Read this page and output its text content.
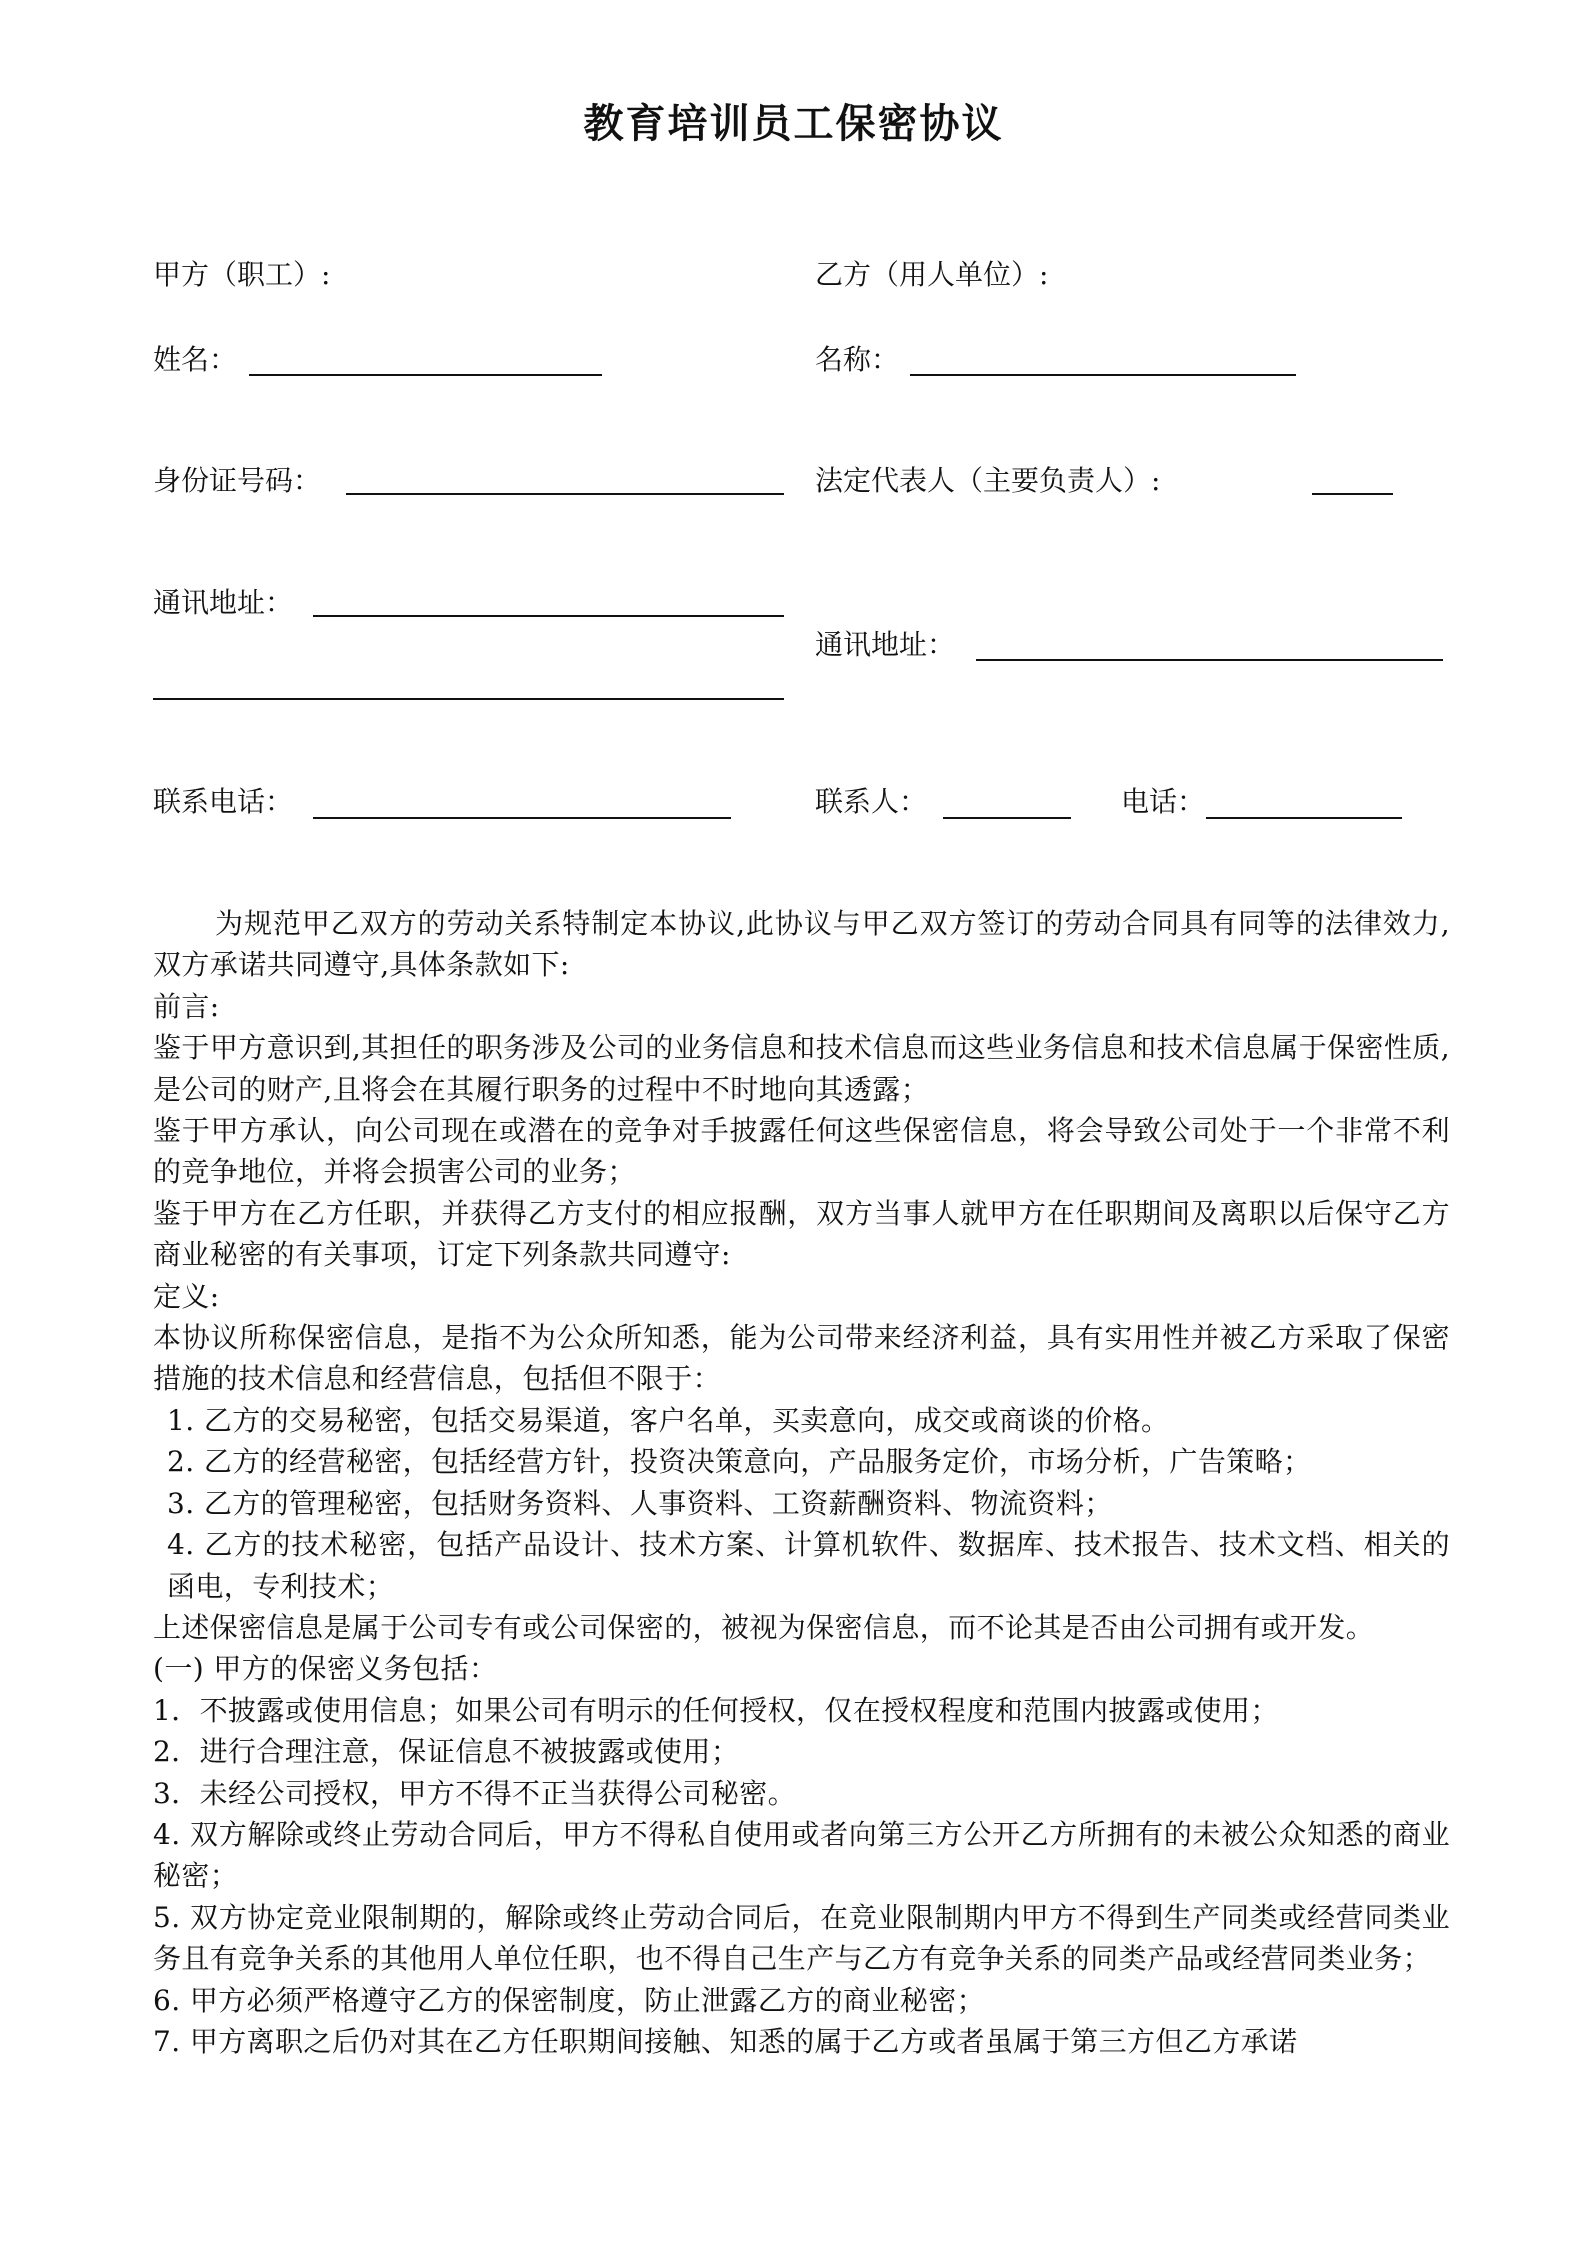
教育培训员工保密协议
甲方（职工）:
姓名：
身份证号码：
通讯地址：
联系电话：
乙方（用人单位）:
名称：
法定代表人（主要负责人）:
通讯地址：
联系人：	电话：

为规范甲乙双方的劳动关系特制定本协议,此协议与甲乙双方签订的劳动合同具有同等的法律效力,双方承诺共同遵守,具体条款如下:

前言:

鉴于甲方意识到,其担任的职务涉及公司的业务信息和技术信息而这些业务信息和技术信息属于保密性质,是公司的财产,且将会在其履行职务的过程中不时地向其透露；

鉴于甲方承认，向公司现在或潜在的竞争对手披露任何这些保密信息，将会导致公司处于一个非常不利的竞争地位，并将会损害公司的业务；

鉴于甲方在乙方任职，并获得乙方支付的相应报酬，双方当事人就甲方在任职期间及离职以后保守乙方商业秘密的有关事项，订定下列条款共同遵守:

定义:

本协议所称保密信息，是指不为公众所知悉，能为公司带来经济利益，具有实用性并被乙方采取了保密措施的技术信息和经营信息，包括但不限于：

1. 乙方的交易秘密，包括交易渠道，客户名单，买卖意向，成交或商谈的价格。

2. 乙方的经营秘密，包括经营方针，投资决策意向，产品服务定价，市场分析，广告策略；

3. 乙方的管理秘密，包括财务资料、人事资料、工资薪酬资料、物流资料；

4. 乙方的技术秘密，包括产品设计、技术方案、计算机软件、数据库、技术报告、技术文档、相关的函电，专利技术；

上述保密信息是属于公司专有或公司保密的，被视为保密信息，而不论其是否由公司拥有或开发。

(一) 甲方的保密义务包括：

1．不披露或使用信息；如果公司有明示的任何授权，仅在授权程度和范围内披露或使用；

2．进行合理注意，保证信息不被披露或使用；

3．未经公司授权，甲方不得不正当获得公司秘密。

4. 双方解除或终止劳动合同后，甲方不得私自使用或者向第三方公开乙方所拥有的未被公众知悉的商业秘密；

5. 双方协定竞业限制期的，解除或终止劳动合同后，在竞业限制期内甲方不得到生产同类或经营同类业务且有竞争关系的其他用人单位任职，也不得自己生产与乙方有竞争关系的同类产品或经营同类业务；

6. 甲方必须严格遵守乙方的保密制度，防止泄露乙方的商业秘密；

7. 甲方离职之后仍对其在乙方任职期间接触、知悉的属于乙方或者虽属于第三方但乙方承诺
